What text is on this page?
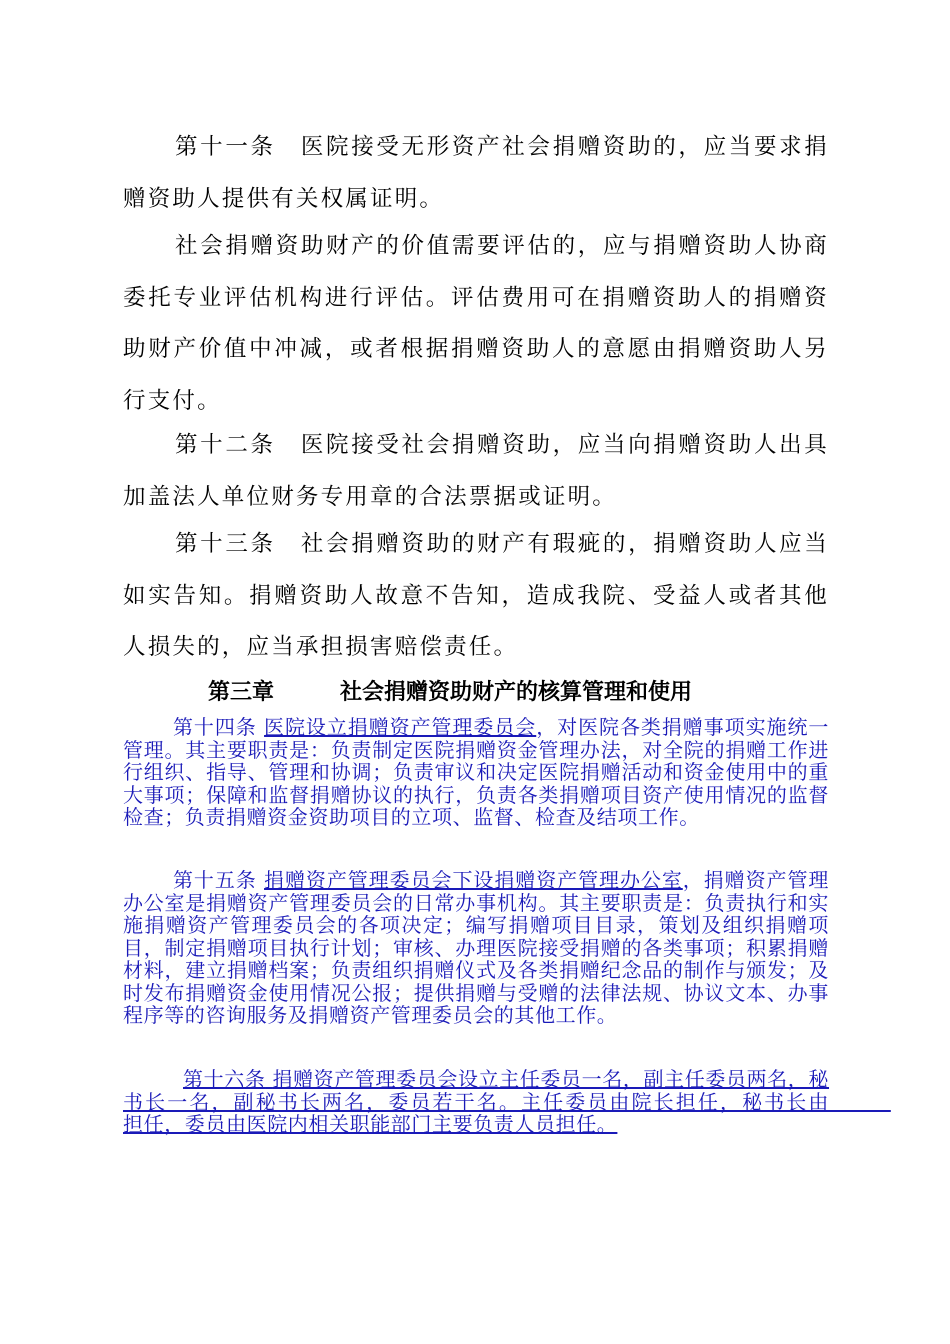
第十一条　 医院接受无形资产社会捐赠资助的，应当要求捐赠资助人提供有关权属证明。

社会捐赠资助财产的价值需要评估的，应与捐赠资助人协商委托专业评估机构进行评估。评估费用可在捐赠资助人的捐赠资助财产价值中冲减，或者根据捐赠资助人的意愿由捐赠资助人另行支付。

第十二条　 医院接受社会捐赠资助，应当向捐赠资助人出具加盖法人单位财务专用章的合法票据或证明。

第十三条　 社会捐赠资助的财产有瑕疵的，捐赠资助人应当如实告知。捐赠资助人故意不告知，造成我院、受益人或者其他人损失的，应当承担损害赔偿责任。

第三章　　　	社会捐赠资助财产的核算管理和使用

第十四条 医院设立捐赠资产管理委员会，对医院各类捐赠事项实施统一管理。其主要职责是：负责制定医院捐赠资金管理办法，对全院的捐赠工作进行组织、指导、管理和协调；负责审议和决定医院捐赠活动和资金使用中的重大事项；保障和监督捐赠协议的执行，负责各类捐赠项目资产使用情况的监督检查；负责捐赠资金资助项目的立项、监督、检查及结项工作。

第十五条 捐赠资产管理委员会下设捐赠资产管理办公室，捐赠资产管理办公室是捐赠资产管理委员会的日常办事机构。其主要职责是：负责执行和实施捐赠资产管理委员会的各项决定；编写捐赠项目目录，策划及组织捐赠项目，制定捐赠项目执行计划；审核、办理医院接受捐赠的各类事项；积累捐赠材料，建立捐赠档案；负责组织捐赠仪式及各类捐赠纪念品的制作与颁发；及时发布捐赠资金使用情况公报；提供捐赠与受赠的法律法规、协议文本、办事程序等的咨询服务及捐赠资产管理委员会的其他工作。

第十六条 捐赠资产管理委员会设立主任委员一名，副主任委员两名，秘书长一名，副秘书长两名，委员若干名。主任委员由院长担任，秘书长由　　　担任，委员由医院内相关职能部门主要负责人员担任。
